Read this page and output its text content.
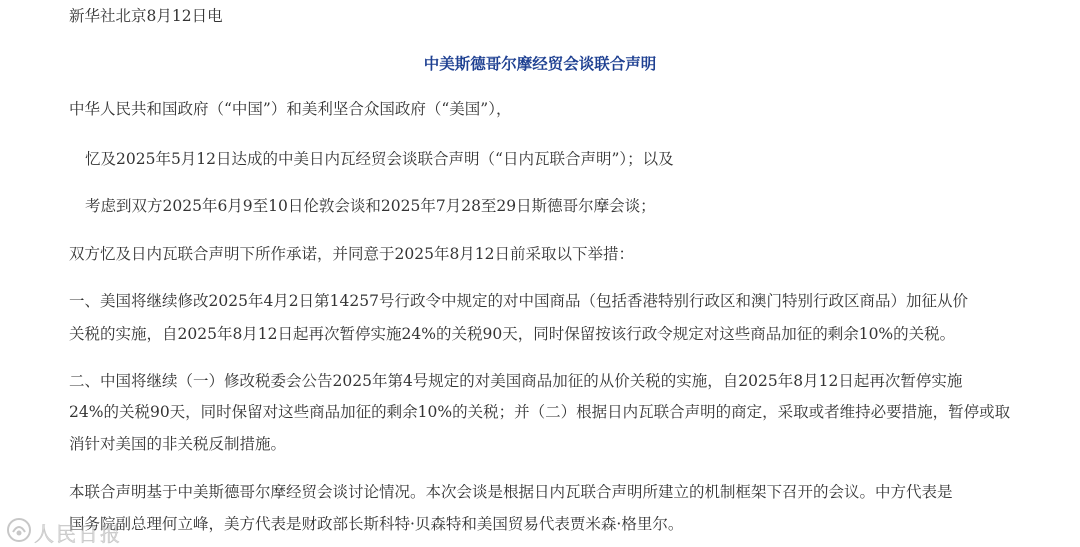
新华社北京8月12日电

中美斯德哥尔摩经贸会谈联合声明

中华人民共和国政府（“中国”）和美利坚合众国政府（“美国”），

忆及2025年5月12日达成的中美日内瓦经贸会谈联合声明（“日内瓦联合声明”）；以及

考虑到双方2025年6月9至10日伦敦会谈和2025年7月28至29日斯德哥尔摩会谈；

双方忆及日内瓦联合声明下所作承诺，并同意于2025年8月12日前采取以下举措：

一、美国将继续修改2025年4月2日第14257号行政令中规定的对中国商品（包括香港特别行政区和澳门特别行政区商品）加征从价

关税的实施，自2025年8月12日起再次暂停实施24%的关税90天，同时保留按该行政令规定对这些商品加征的剩余10%的关税。

二、中国将继续（一）修改税委会公告2025年第4号规定的对美国商品加征的从价关税的实施，自2025年8月12日起再次暂停实施

24%的关税90天，同时保留对这些商品加征的剩余10%的关税；并（二）根据日内瓦联合声明的商定，采取或者维持必要措施，暂停或取

消针对美国的非关税反制措施。

本联合声明基于中美斯德哥尔摩经贸会谈讨论情况。本次会谈是根据日内瓦联合声明所建立的机制框架下召开的会议。中方代表是

国务院副总理何立峰，美方代表是财政部长斯科特·贝森特和美国贸易代表贾米森·格里尔。

人民日报
